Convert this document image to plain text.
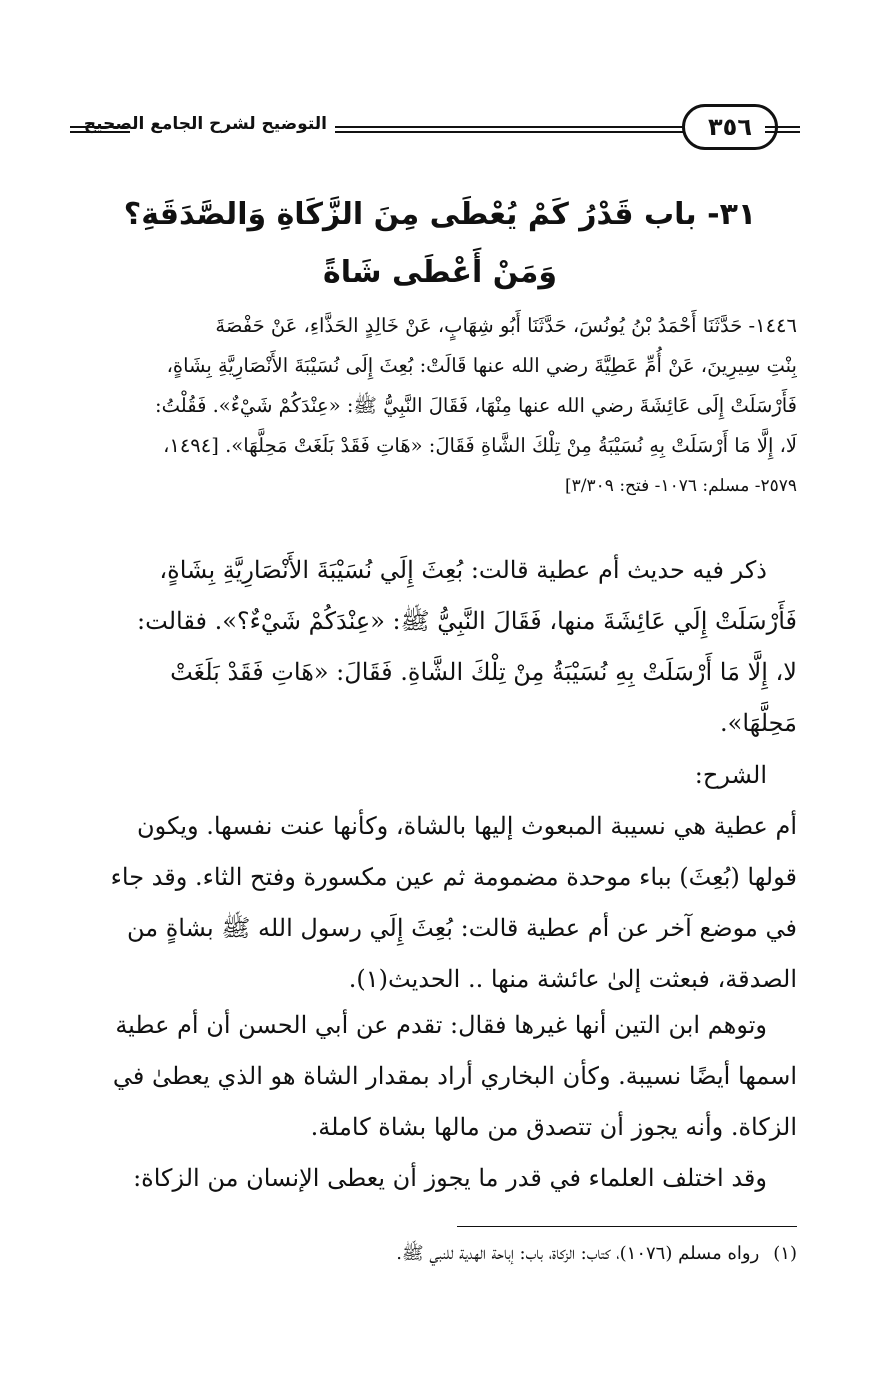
التوضيح لشرح الجامع الصحيح	٣٥٦
٣١- باب قَدْرُ كَمْ يُعْطَى مِنَ الزَّكَاةِ وَالصَّدَقَةِ؟
وَمَنْ أَعْطَى شَاةً
١٤٤٦- حَدَّثَنَا أَحْمَدُ بْنُ يُونُسَ، حَدَّثَنَا أَبُو شِهَابٍ، عَنْ خَالِدٍ الحَذَّاءِ، عَنْ حَفْصَةَ
بِنْتِ سِيرِينَ، عَنْ أُمِّ عَطِيَّةَ رضي الله عنها قَالَتْ: بُعِثَ إِلَى نُسَيْبَةَ الأَنْصَارِيَّةِ بِشَاةٍ،
فَأَرْسَلَتْ إِلَى عَائِشَةَ رضي الله عنها مِنْهَا، فَقَالَ النَّبِيُّ ﷺ: «عِنْدَكُمْ شَيْءٌ». فَقُلْتُ:
لَا، إِلَّا مَا أَرْسَلَتْ بِهِ نُسَيْبَةُ مِنْ تِلْكَ الشَّاةِ فَقَالَ: «هَاتِ فَقَدْ بَلَغَتْ مَحِلَّهَا». [١٤٩٤،
٢٥٧٩- مسلم: ١٠٧٦- فتح: ٣/٣٠٩]
ذكر فيه حديث أم عطية قالت: بُعِثَ إِلَي نُسَيْبَةَ الأَنْصَارِيَّةِ بِشَاةٍ،
فَأَرْسَلَتْ إِلَي عَائِشَةَ منها، فَقَالَ النَّبِيُّ ﷺ: «عِنْدَكُمْ شَيْءٌ؟». فقالت:
لا، إِلَّا مَا أَرْسَلَتْ بِهِ نُسَيْبَةُ مِنْ تِلْكَ الشَّاةِ. فَقَالَ: «هَاتِ فَقَدْ بَلَغَتْ
مَحِلَّهَا».
الشرح:
أم عطية هي نسيبة المبعوث إليها بالشاة، وكأنها عنت نفسها. ويكون
قولها (بُعِثَ) بباء موحدة مضمومة ثم عين مكسورة وفتح الثاء. وقد جاء
في موضع آخر عن أم عطية قالت: بُعِثَ إِلَي رسول الله ﷺ بشاةٍ من
الصدقة، فبعثت إلىٰ عائشة منها .. الحديث(١).
وتوهم ابن التين أنها غيرها فقال: تقدم عن أبي الحسن أن أم عطية
اسمها أيضًا نسيبة. وكأن البخاري أراد بمقدار الشاة هو الذي يعطىٰ في
الزكاة. وأنه يجوز أن تتصدق من مالها بشاة كاملة.
وقد اختلف العلماء في قدر ما يجوز أن يعطى الإنسان من الزكاة:
(١)رواه مسلم (١٠٧٦)، كتاب: الزكاة، باب: إباحة الهدية للنبي ﷺ.
